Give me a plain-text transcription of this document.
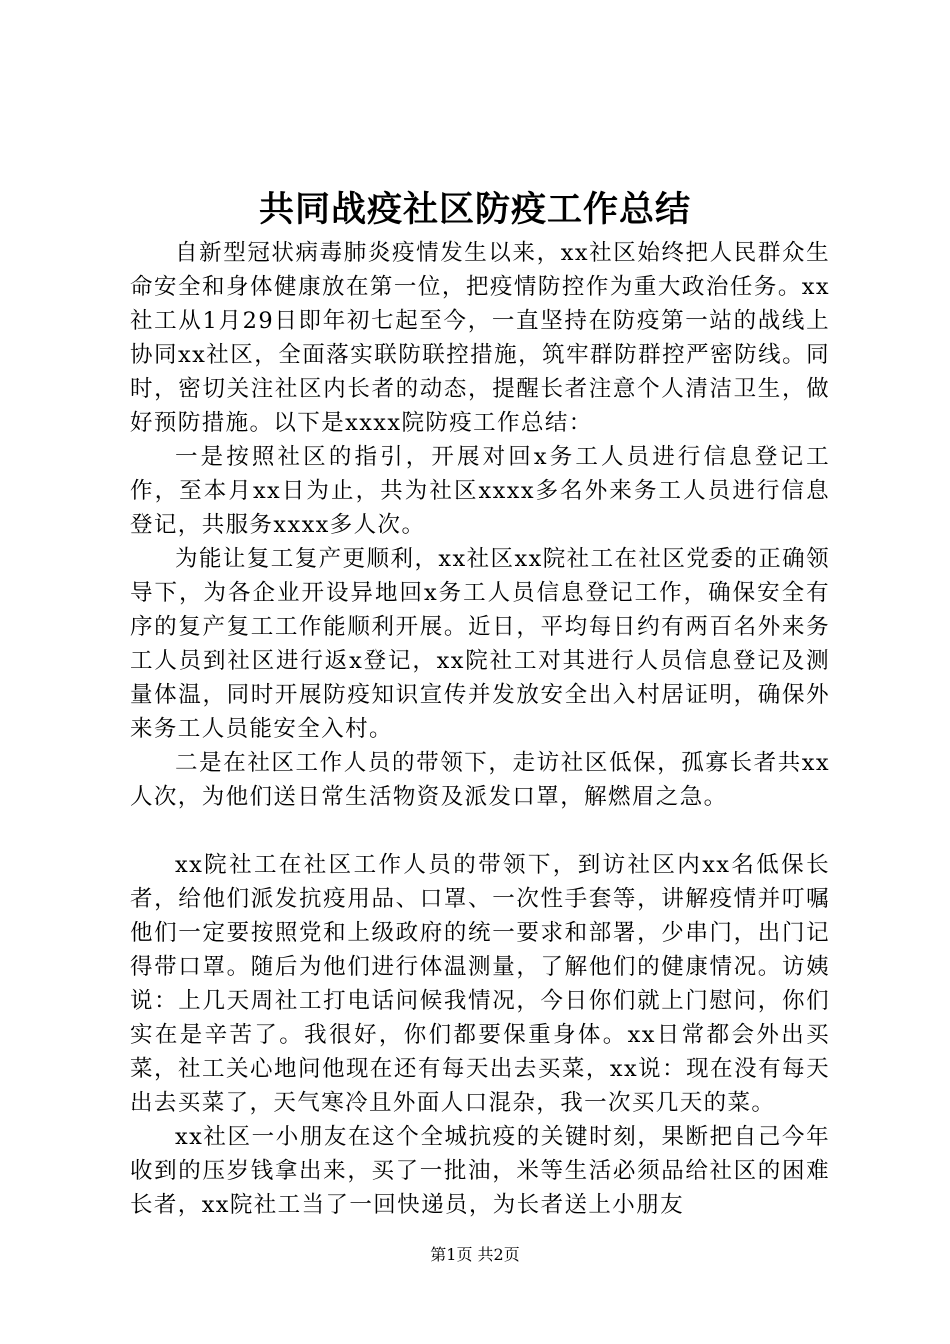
共同战疫社区防疫工作总结

自新型冠状病毒肺炎疫情发生以来，xx社区始终把人民群众生命安全和身体健康放在第一位，把疫情防控作为重大政治任务。xx社工从1月29日即年初七起至今，一直坚持在防疫第一站的战线上协同xx社区，全面落实联防联控措施，筑牢群防群控严密防线。同时，密切关注社区内长者的动态，提醒长者注意个人清洁卫生，做好预防措施。以下是xxxx院防疫工作总结：

一是按照社区的指引，开展对回x务工人员进行信息登记工作，至本月xx日为止，共为社区xxxx多名外来务工人员进行信息登记，共服务xxxx多人次。

为能让复工复产更顺利，xx社区xx院社工在社区党委的正确领导下，为各企业开设异地回x务工人员信息登记工作，确保安全有序的复产复工工作能顺利开展。近日，平均每日约有两百名外来务工人员到社区进行返x登记，xx院社工对其进行人员信息登记及测量体温，同时开展防疫知识宣传并发放安全出入村居证明，确保外来务工人员能安全入村。

二是在社区工作人员的带领下，走访社区低保，孤寡长者共xx人次，为他们送日常生活物资及派发口罩，解燃眉之急。

xx院社工在社区工作人员的带领下，到访社区内xx名低保长者，给他们派发抗疫用品、口罩、一次性手套等，讲解疫情并叮嘱他们一定要按照党和上级政府的统一要求和部署，少串门，出门记得带口罩。随后为他们进行体温测量，了解他们的健康情况。访姨说：上几天周社工打电话问候我情况，今日你们就上门慰问，你们实在是辛苦了。我很好，你们都要保重身体。xx日常都会外出买菜，社工关心地问他现在还有每天出去买菜，xx说：现在没有每天出去买菜了，天气寒冷且外面人口混杂，我一次买几天的菜。

xx社区一小朋友在这个全城抗疫的关键时刻，果断把自己今年收到的压岁钱拿出来，买了一批油，米等生活必须品给社区的困难长者，xx院社工当了一回快递员，为长者送上小朋友

第1页 共2页
